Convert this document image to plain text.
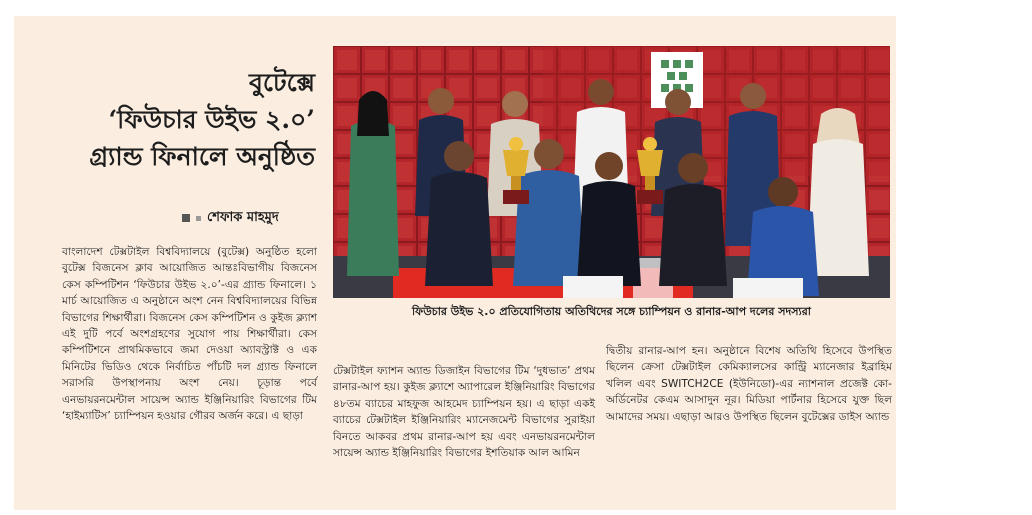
বুটেক্সে
‘ফিউচার উইভ ২.০’
গ্র্যান্ড ফিনালে অনুষ্ঠিত
শেফাক মাহমুদ

বাংলাদেশ টেক্সটাইল বিশ্ববিদ্যালয়ে (বুটেক্স) অনুষ্ঠিত হলো বুটেক্স বিজনেস ক্লাব আয়োজিত আন্তঃবিভাগীয় বিজনেস কেস কম্পিটিশন ‘ফিউচার উইভ ২.০’-এর গ্র্যান্ড ফিনালে। ১ মার্চ আয়োজিত এ অনুষ্ঠানে অংশ নেন বিশ্ববিদ্যালয়ের বিভিন্ন বিভাগের শিক্ষার্থীরা। বিজনেস কেস কম্পিটিশন ও কুইজ ক্ল্যাশ এই দুটি পর্বে অংশগ্রহণের সুযোগ পায় শিক্ষার্থীরা। কেস কম্পিটিশনে প্রাথমিকভাবে জমা দেওয়া অ্যাবস্ট্রাক্ট ও এক মিনিটের ভিডিও থেকে নির্বাচিত পাঁচটি দল গ্র্যান্ড ফিনালে সরাসরি উপস্থাপনায় অংশ নেয়। চূড়ান্ত পর্বে এনভায়রনমেন্টাল সায়েন্স অ্যান্ড ইঞ্জিনিয়ারিং বিভাগের টিম ‘হাইম্যাটিস’ চ্যাম্পিয়ন হওয়ার গৌরব অর্জন করে। এ ছাড়া

টেক্সটাইল ফ্যাশন অ্যান্ড ডিজাইন বিভাগের টিম ‘দুধভাত’ প্রথম রানার-আপ হয়। কুইজ ক্ল্যাশে অ্যাপারেল ইঞ্জিনিয়ারিং বিভাগের ৪৮তম ব্যাচের মাহফুজ আহমেদ চ্যাম্পিয়ন হয়। এ ছাড়া একই ব্যাচের টেক্সটাইল ইঞ্জিনিয়ারিং ম্যানেজমেন্ট বিভাগের সুরাইয়া বিনতে আকবর প্রথম রানার-আপ হয় এবং এনভায়রনমেন্টাল সায়েন্স অ্যান্ড ইঞ্জিনিয়ারিং বিভাগের ইশতিয়াক আল আমিন

দ্বিতীয় রানার-আপ হন। অনুষ্ঠানে বিশেষ অতিথি হিসেবে উপস্থিত ছিলেন ক্রেসা টেক্সটাইল কেমিক্যালসের কান্ট্রি ম্যানেজার ইব্রাহিম খলিল এবং SWITCH2CE (ইউনিডো)-এর ন্যাশনাল প্রজেক্ট কো-অর্ডিনেটর কেএম আসাদুন নূর। মিডিয়া পার্টনার হিসেবে যুক্ত ছিল আমাদের সময়। এছাড়া আরও উপস্থিত ছিলেন বুটেক্সের ডাইস অ্যান্ড

POWERD BY
ফিউচার উইভ ২.০ প্রতিযোগিতায় অতিথিদের সঙ্গে চ্যাম্পিয়ন ও রানার-আপ দলের সদস্যরা
